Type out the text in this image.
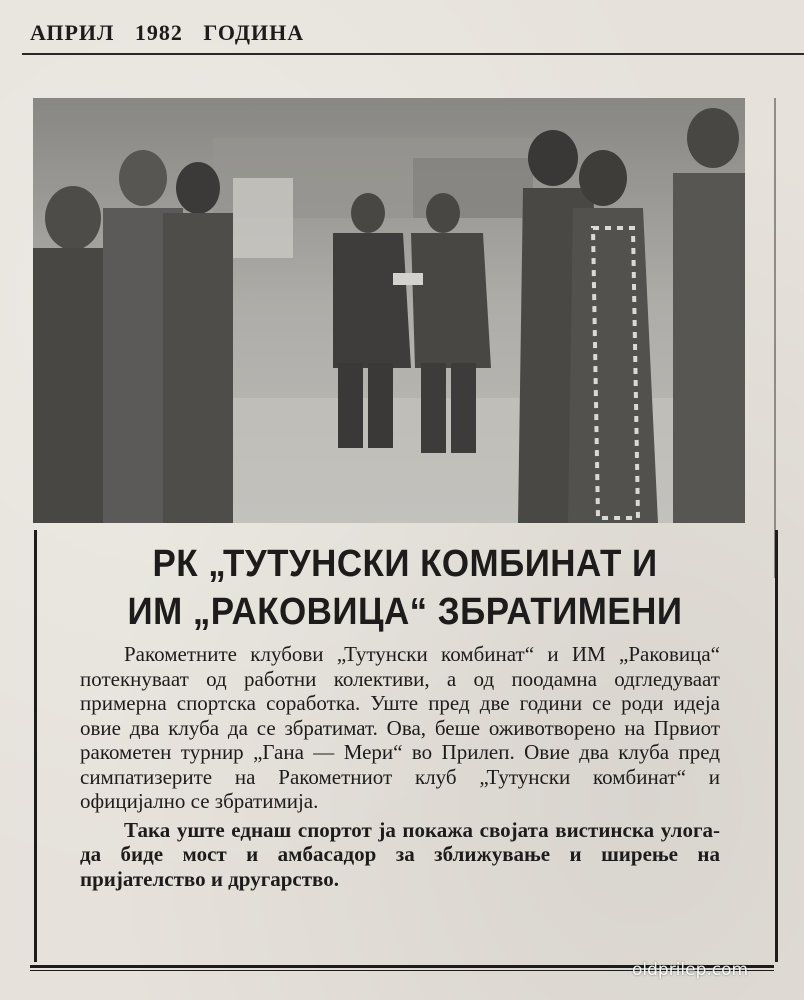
АПРИЛ 1982 ГОДИНА
РК „ТУТУНСКИ КОМБИНАТ И
ИМ „РАКОВИЦА“ ЗБРАТИМЕНИ

Ракометните клубови „Тутунски комбинат“ и ИМ „Раковица“ потекнуваат од работни колективи, а од поодамна одгледуваат примерна спортска соработка. Уште пред две години се роди идеја овие два клуба да се збратимат. Ова, беше оживотворено на Првиот ракометен турнир „Гана — Мери“ во Прилеп. Овие два клуба пред симпатизерите на Ракометниот клуб „Тутунски комбинат“ и официјално се збратимија.

Така уште еднаш спортот ја покажа својата вистинска улога-да биде мост и амбасадор за зближување и ширење на пријателство и другарство.

oldprilep.com
